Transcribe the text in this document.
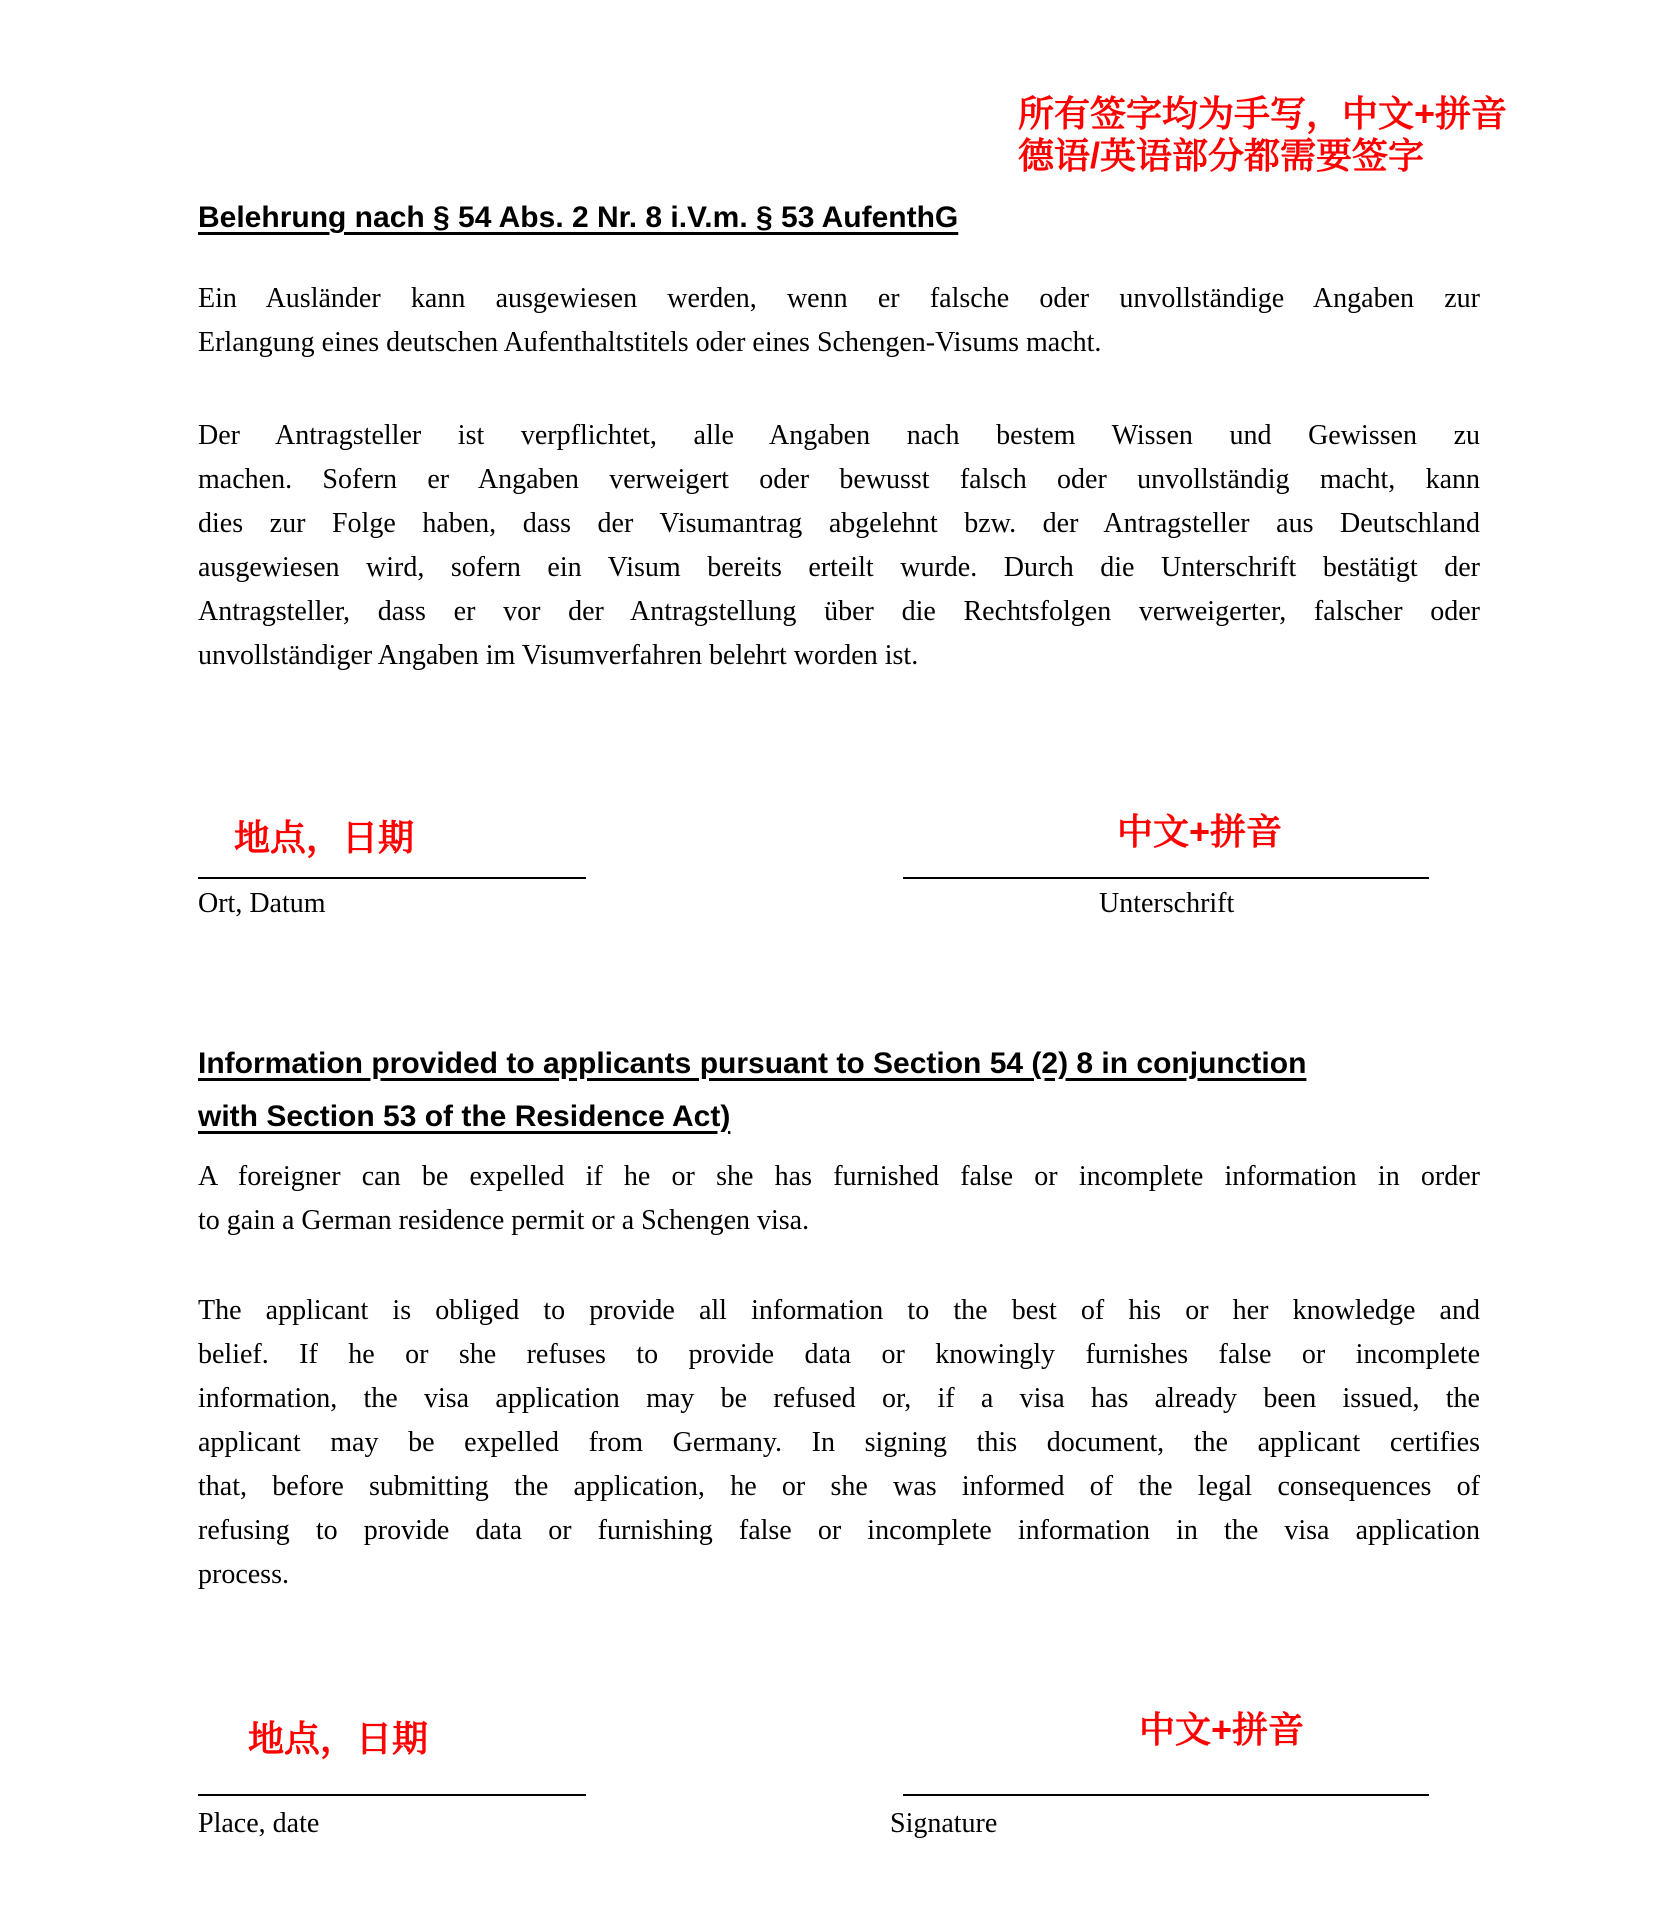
所有签字均为手写，中文+拼音
德语/英语部分都需要签字
Belehrung nach § 54 Abs. 2 Nr. 8 i.V.m. § 53 AufenthG
Ein Ausländer kann ausgewiesen werden, wenn er falsche oder unvollständige Angaben zur
Erlangung eines deutschen Aufenthaltstitels oder eines Schengen-Visums macht.
Der Antragsteller ist verpflichtet, alle Angaben nach bestem Wissen und Gewissen zu
machen. Sofern er Angaben verweigert oder bewusst falsch oder unvollständig macht, kann
dies zur Folge haben, dass der Visumantrag abgelehnt bzw. der Antragsteller aus Deutschland
ausgewiesen wird, sofern ein Visum bereits erteilt wurde. Durch die Unterschrift bestätigt der
Antragsteller, dass er vor der Antragstellung über die Rechtsfolgen verweigerter, falscher oder
unvollständiger Angaben im Visumverfahren belehrt worden ist.
地点，日期	中文+拼音
Ort, Datum	Unterschrift
Information provided to applicants pursuant to Section 54 (2) 8 in conjunction
with Section 53 of the Residence Act)
A foreigner can be expelled if he or she has furnished false or incomplete information in order
to gain a German residence permit or a Schengen visa.
The applicant is obliged to provide all information to the best of his or her knowledge and
belief. If he or she refuses to provide data or knowingly furnishes false or incomplete
information, the visa application may be refused or, if a visa has already been issued, the
applicant may be expelled from Germany. In signing this document, the applicant certifies
that, before submitting the application, he or she was informed of the legal consequences of
refusing to provide data or furnishing false or incomplete information in the visa application
process.
地点，日期	中文+拼音
Place, date	Signature
